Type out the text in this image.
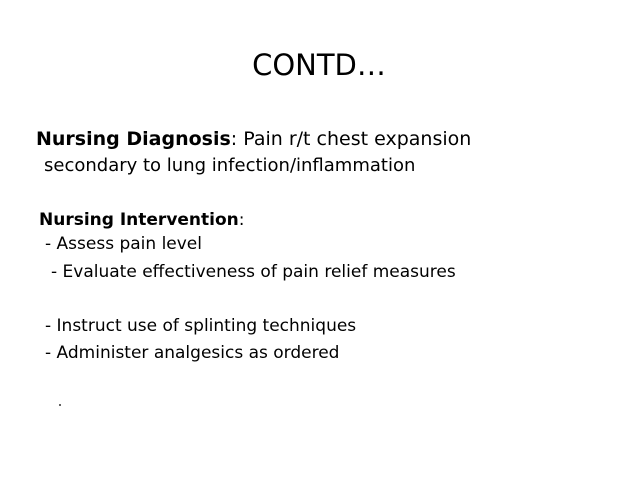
CONTD…
Nursing Diagnosis: Pain r/t chest expansion
secondary to lung infection/inflammation
Nursing Intervention:
- Assess pain level
- Evaluate effectiveness of pain relief measures
- Instruct use of splinting techniques
- Administer analgesics as ordered
